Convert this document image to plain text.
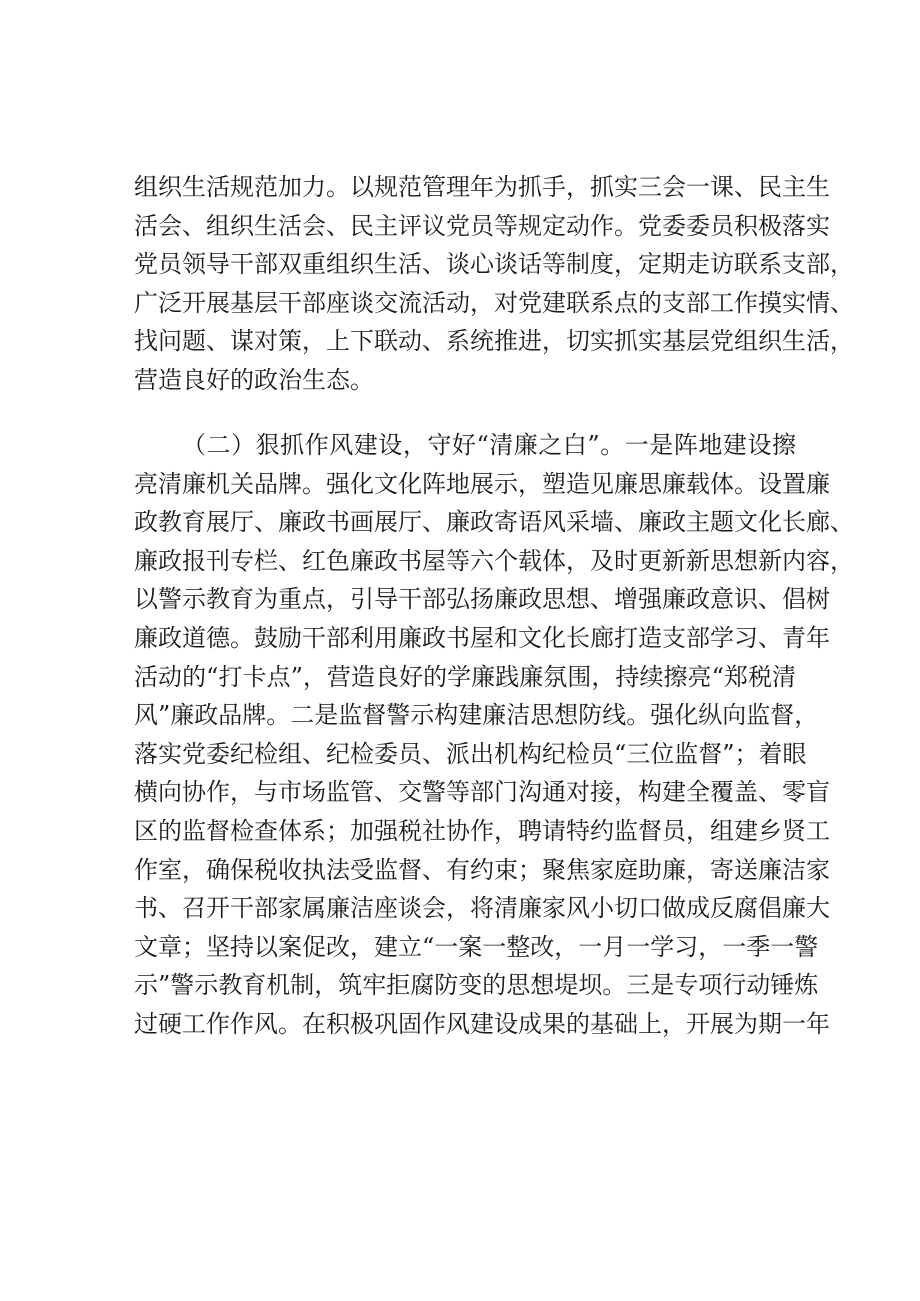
组织生活规范加力。以规范管理年为抓手，抓实三会一课、民主生
活会、组织生活会、民主评议党员等规定动作。党委委员积极落实
党员领导干部双重组织生活、谈心谈话等制度，定期走访联系支部，
广泛开展基层干部座谈交流活动，对党建联系点的支部工作摸实情、
找问题、谋对策，上下联动、系统推进，切实抓实基层党组织生活，
营造良好的政治生态。
（二）狠抓作风建设，守好“清廉之白”。一是阵地建设擦
亮清廉机关品牌。强化文化阵地展示，塑造见廉思廉载体。设置廉
政教育展厅、廉政书画展厅、廉政寄语风采墙、廉政主题文化长廊、
廉政报刊专栏、红色廉政书屋等六个载体，及时更新新思想新内容，
以警示教育为重点，引导干部弘扬廉政思想、增强廉政意识、倡树
廉政道德。鼓励干部利用廉政书屋和文化长廊打造支部学习、青年
活动的“打卡点”，营造良好的学廉践廉氛围，持续擦亮“郑税清
风”廉政品牌。二是监督警示构建廉洁思想防线。强化纵向监督，
落实党委纪检组、纪检委员、派出机构纪检员“三位监督”；着眼
横向协作，与市场监管、交警等部门沟通对接，构建全覆盖、零盲
区的监督检查体系；加强税社协作，聘请特约监督员，组建乡贤工
作室，确保税收执法受监督、有约束；聚焦家庭助廉，寄送廉洁家
书、召开干部家属廉洁座谈会，将清廉家风小切口做成反腐倡廉大
文章；坚持以案促改，建立“一案一整改，一月一学习，一季一警
示”警示教育机制，筑牢拒腐防变的思想堤坝。三是专项行动锤炼
过硬工作作风。在积极巩固作风建设成果的基础上，开展为期一年
